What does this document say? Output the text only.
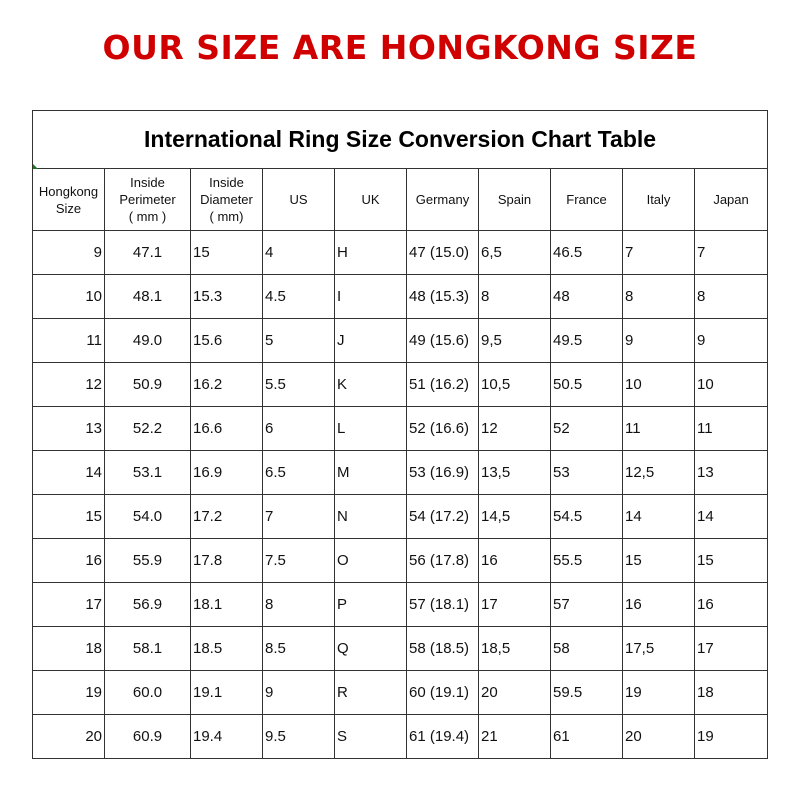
OUR SIZE ARE HONGKONG SIZE
International Ring Size Conversion Chart Table									

Hongkong
Size	Inside
Perimeter
( mm )	Inside
Diameter
( mm)	US	UK	Germany	Spain	France	Italy	Japan
9	47.1	15	4	H	47 (15.0)	6,5	46.5	7	7
10	48.1	15.3	4.5	I	48 (15.3)	8	48	8	8
11	49.0	15.6	5	J	49 (15.6)	9,5	49.5	9	9
12	50.9	16.2	5.5	K	51 (16.2)	10,5	50.5	10	10
13	52.2	16.6	6	L	52 (16.6)	12	52	11	11
14	53.1	16.9	6.5	M	53 (16.9)	13,5	53	12,5	13
15	54.0	17.2	7	N	54 (17.2)	14,5	54.5	14	14
16	55.9	17.8	7.5	O	56 (17.8)	16	55.5	15	15
17	56.9	18.1	8	P	57 (18.1)	17	57	16	16
18	58.1	18.5	8.5	Q	58 (18.5)	18,5	58	17,5	17
19	60.0	19.1	9	R	60 (19.1)	20	59.5	19	18
20	60.9	19.4	9.5	S	61 (19.4)	21	61	20	19
